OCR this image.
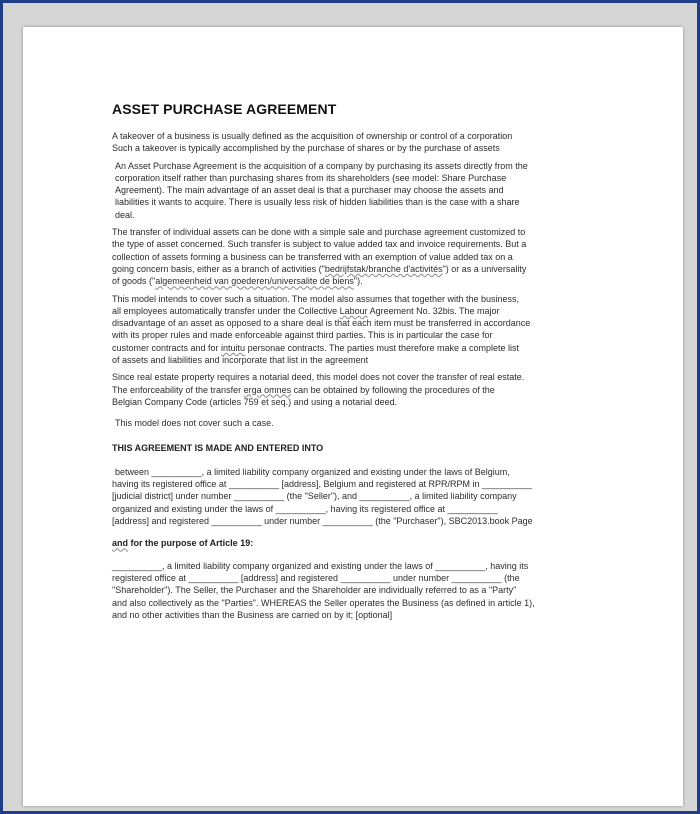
ASSET PURCHASE AGREEMENT

A takeover of a business is usually defined as the acquisition of ownership or control of a corporation
Such a takeover is typically accomplished by the purchase of shares or by the purchase of assets

An Asset Purchase Agreement is the acquisition of a company by purchasing its assets directly from the
corporation itself rather than purchasing shares from its shareholders (see model: Share Purchase
Agreement). The main advantage of an asset deal is that a purchaser may choose the assets and
liabilities it wants to acquire. There is usually less risk of hidden liabilities than is the case with a share
deal.

The transfer of individual assets can be done with a simple sale and purchase agreement customized to
the type of asset concerned. Such transfer is subject to value added tax and invoice requirements. But a
collection of assets forming a business can be transferred with an exemption of value added tax on a
going concern basis, either as a branch of activities ("bedrijfstak/branche d'activités") or as a universality
of goods ("algemeenheid van goederen/universalite de biens").

This model intends to cover such a situation. The model also assumes that together with the business,
all employees automatically transfer under the Collective Labour Agreement No. 32bis. The major
disadvantage of an asset as opposed to a share deal is that each item must be transferred in accordance
with its proper rules and made enforceable against third parties. This is in particular the case for
customer contracts and for intuitu personae contracts. The parties must therefore make a complete list
of assets and liabilities and incorporate that list in the agreement

Since real estate property requires a notarial deed, this model does not cover the transfer of real estate.
The enforceability of the transfer erga omnes can be obtained by following the procedures of the
Belgian Company Code (articles 759 et seq.) and using a notarial deed.

This model does not cover such a case.

THIS AGREEMENT IS MADE AND ENTERED INTO

between __________, a limited liability company organized and existing under the laws of Belgium,
having its registered office at __________ [address], Belgium and registered at RPR/RPM in __________
[judicial district] under number __________ (the "Seller"), and __________, a limited liability company
organized and existing under the laws of __________, having its registered office at __________
[address] and registered __________ under number __________ (the "Purchaser"), SBC2013.book Page

and for the purpose of Article 19:

__________, a limited liability company organized and existing under the laws of __________, having its
registered office at __________ [address] and registered __________ under number __________ (the
"Shareholder"). The Seller, the Purchaser and the Shareholder are individually referred to as a "Party"
and also collectively as the "Parties". WHEREAS the Seller operates the Business (as defined in article 1),
and no other activities than the Business are carried on by it; [optional]
